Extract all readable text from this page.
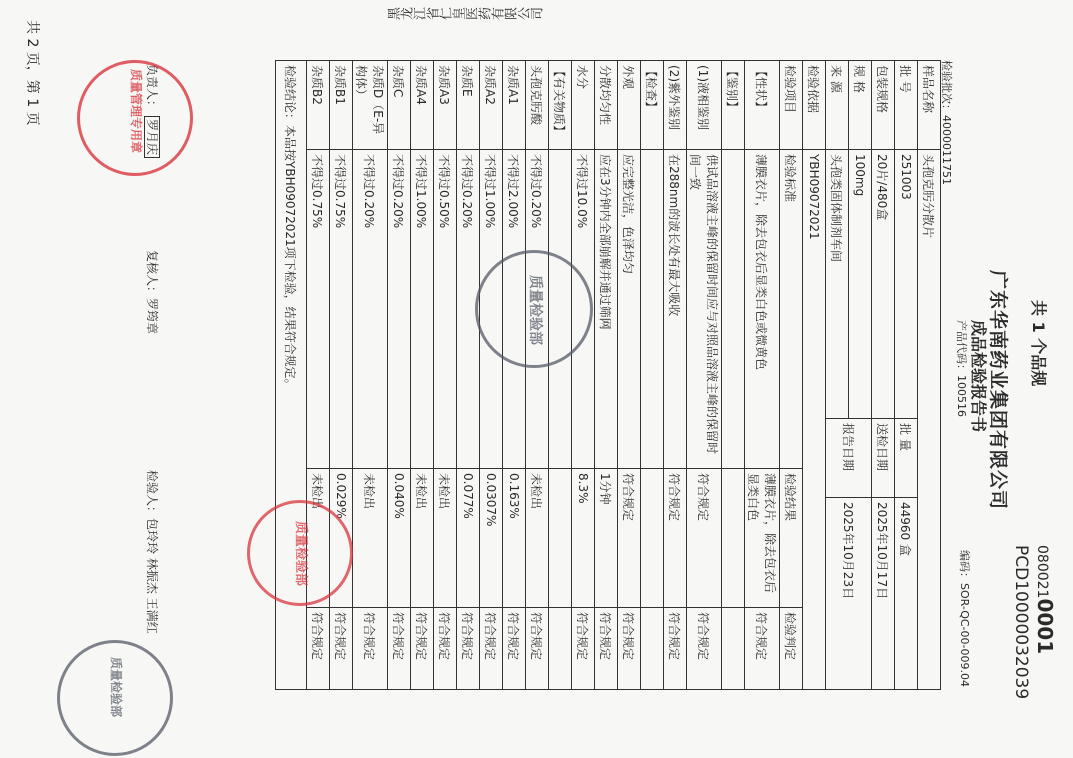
共 1 个品规
0800210001
PCD10000032039
广东华南药业集团有限公司
成品检验报告书
产品代码：100516
编码：SOR-QC-00-009.04
检验批次：4000011751
黑龙江省仁皇医药有限公司
样品名称	头孢克肟分散片		
批 号	251003	批 量	44960 盒
包装规格	20片/480盒	送检日期	2025年10月17日
规 格	100mg	报告日期	2025年10月23日
来 源	头孢类固体制剂车间		
检验依据	YBH09072021		
检验项目	检验标准	检验结果	检验判定
【性状】	薄膜衣片，除去包衣后显类白色或微黄色	薄膜衣片，除去包衣后显类白色	符合规定
【鉴别】			
(1)液相鉴别	供试品溶液主峰的保留时间应与对照品溶液主峰的保留时间一致	符合规定	符合规定
(2)紫外鉴别	在288nm的波长处有最大吸收	符合规定	符合规定
【检查】			
外观	应完整光洁，色泽均匀	符合规定	符合规定
分散均匀性	应在3分钟内全部崩解并通过筛网	1分钟	符合规定
水分	不得过10.0%	8.3%	符合规定
【有关物质】			
头孢克肟酸	不得过0.20%	未检出	符合规定
杂质A1	不得过2.00%	0.163%	符合规定
杂质A2	不得过1.00%	0.0307%	符合规定
杂质E	不得过0.20%	0.077%	符合规定
杂质A3	不得过0.50%	未检出	符合规定
杂质A4	不得过1.00%	未检出	符合规定
杂质C	不得过0.20%	0.040%	符合规定
杂质D（E-异构体）	不得过0.20%	未检出	符合规定
杂质B1	不得过0.75%	0.029%	符合规定
杂质B2	不得过0.75%	未检出	符合规定
检验结论：本品按YBH09072021项下检验，结果符合规定。			
负责人：罗月庆
复核人：罗筠章
检验人：包玲玲 林振杰 王满红
共 2 页，第 1 页
质量检验部
质量检验部
质量管理专用章
质量检验部
